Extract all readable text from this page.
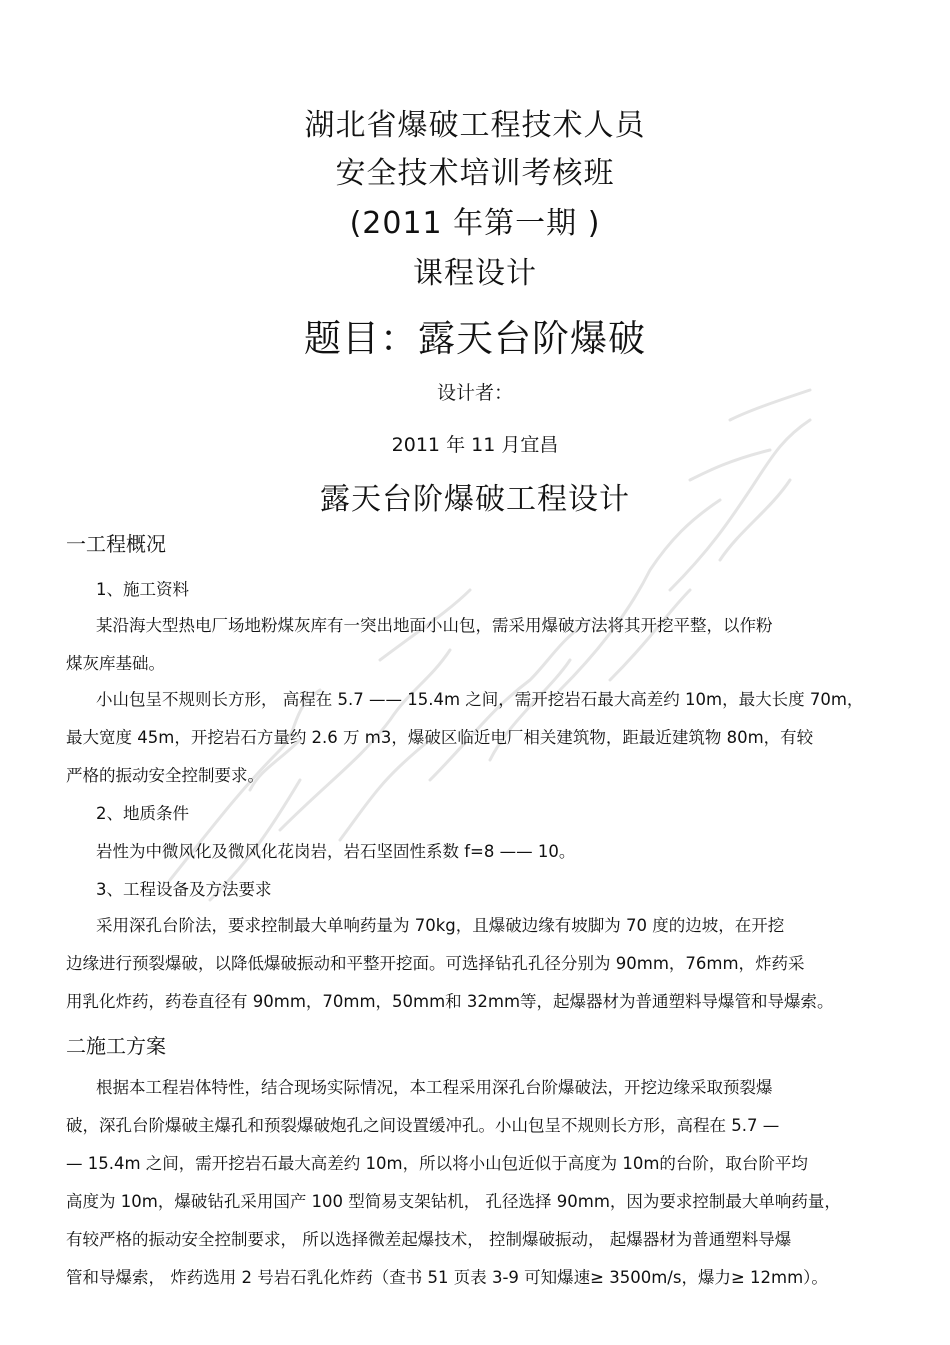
湖北省爆破工程技术人员
安全技术培训考核班
(2011 年第一期 )
课程设计
题目：露天台阶爆破
设计者：
2011 年 11 月宜昌
露天台阶爆破工程设计
一工程概况
1、施工资料
某沿海大型热电厂场地粉煤灰库有一突出地面小山包，需采用爆破方法将其开挖平整，以作粉
煤灰库基础。
小山包呈不规则长方形， 高程在 5.7 —— 15.4m 之间，需开挖岩石最大高差约 10m，最大长度 70m，
最大宽度 45m，开挖岩石方量约 2.6 万 m3，爆破区临近电厂相关建筑物，距最近建筑物 80m，有较
严格的振动安全控制要求。
2、地质条件
岩性为中微风化及微风化花岗岩，岩石坚固性系数 f=8 —— 10。
3、工程设备及方法要求
采用深孔台阶法，要求控制最大单响药量为 70kg，且爆破边缘有坡脚为 70 度的边坡，在开挖
边缘进行预裂爆破，以降低爆破振动和平整开挖面。可选择钻孔孔径分别为 90mm，76mm，炸药采
用乳化炸药，药卷直径有 90mm，70mm，50mm和 32mm等，起爆器材为普通塑料导爆管和导爆索。
二施工方案
根据本工程岩体特性，结合现场实际情况，本工程采用深孔台阶爆破法，开挖边缘采取预裂爆
破，深孔台阶爆破主爆孔和预裂爆破炮孔之间设置缓冲孔。小山包呈不规则长方形，高程在 5.7 —
— 15.4m 之间，需开挖岩石最大高差约 10m，所以将小山包近似于高度为 10m的台阶，取台阶平均
高度为 10m，爆破钻孔采用国产 100 型简易支架钻机， 孔径选择 90mm，因为要求控制最大单响药量，
有较严格的振动安全控制要求， 所以选择微差起爆技术， 控制爆破振动， 起爆器材为普通塑料导爆
管和导爆索， 炸药选用 2 号岩石乳化炸药（查书 51 页表 3-9 可知爆速≥ 3500m/s，爆力≥ 12mm）。
